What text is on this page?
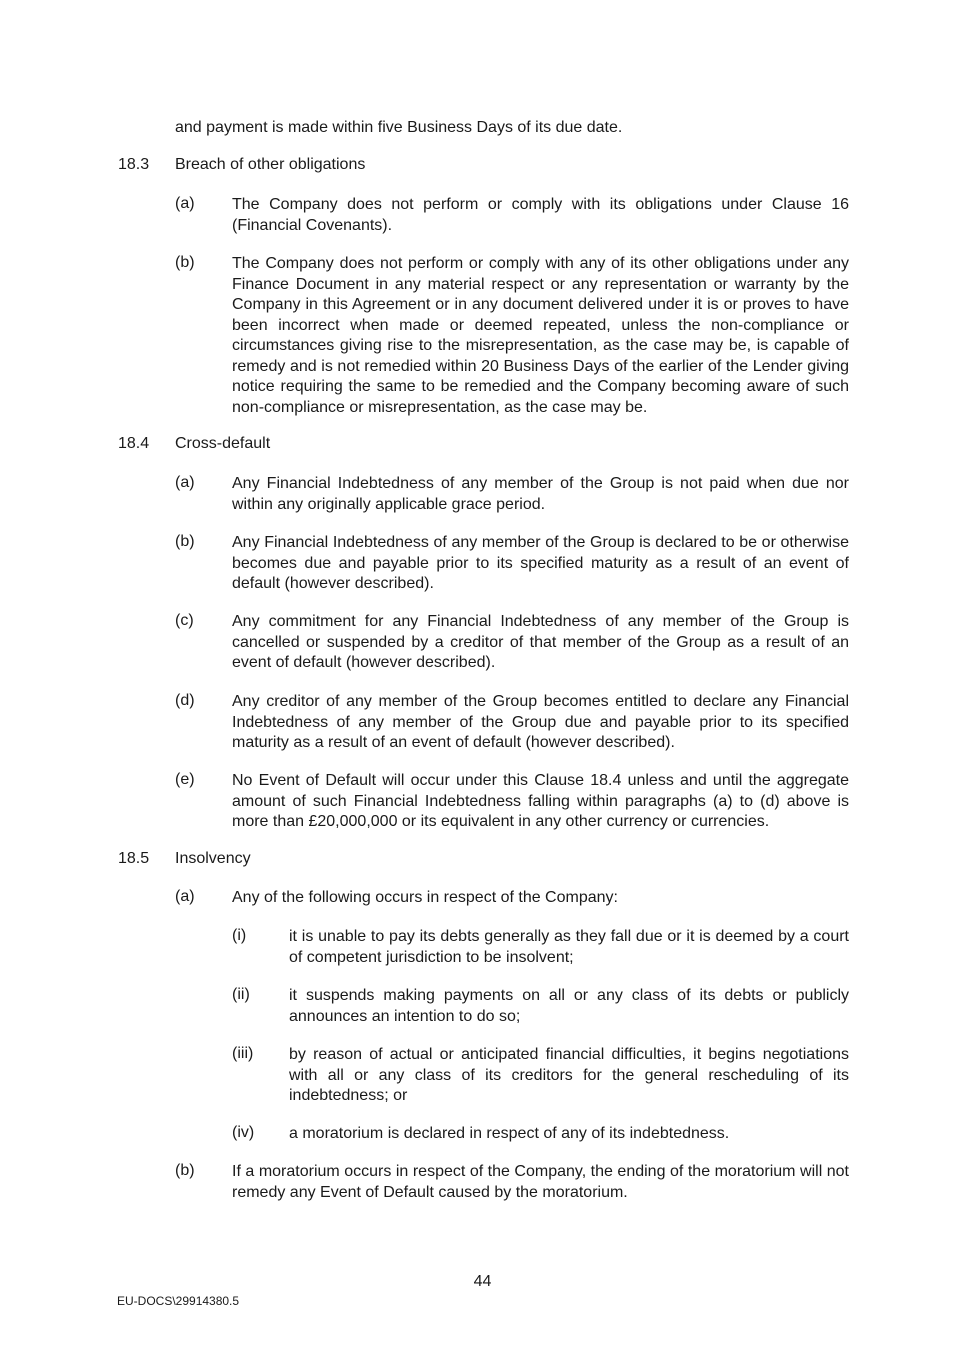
and payment is made within five Business Days of its due date.
18.3 Breach of other obligations
(a) The Company does not perform or comply with its obligations under Clause 16 (Financial Covenants).
(b) The Company does not perform or comply with any of its other obligations under any Finance Document in any material respect or any representation or warranty by the Company in this Agreement or in any document delivered under it is or proves to have been incorrect when made or deemed repeated, unless the non-compliance or circumstances giving rise to the misrepresentation, as the case may be, is capable of remedy and is not remedied within 20 Business Days of the earlier of the Lender giving notice requiring the same to be remedied and the Company becoming aware of such non-compliance or misrepresentation, as the case may be.
18.4 Cross-default
(a) Any Financial Indebtedness of any member of the Group is not paid when due nor within any originally applicable grace period.
(b) Any Financial Indebtedness of any member of the Group is declared to be or otherwise becomes due and payable prior to its specified maturity as a result of an event of default (however described).
(c) Any commitment for any Financial Indebtedness of any member of the Group is cancelled or suspended by a creditor of that member of the Group as a result of an event of default (however described).
(d) Any creditor of any member of the Group becomes entitled to declare any Financial Indebtedness of any member of the Group due and payable prior to its specified maturity as a result of an event of default (however described).
(e) No Event of Default will occur under this Clause 18.4 unless and until the aggregate amount of such Financial Indebtedness falling within paragraphs (a) to (d) above is more than £20,000,000 or its equivalent in any other currency or currencies.
18.5 Insolvency
(a) Any of the following occurs in respect of the Company:
(i)	it is unable to pay its debts generally as they fall due or it is deemed by a court of competent jurisdiction to be insolvent;
(ii) it suspends making payments on all or any class of its debts or publicly announces an intention to do so;
(iii) by reason of actual or anticipated financial difficulties, it begins negotiations with all or any class of its creditors for the general rescheduling of its indebtedness; or
(iv) a moratorium is declared in respect of any of its indebtedness.
(b) If a moratorium occurs in respect of the Company, the ending of the moratorium will not remedy any Event of Default caused by the moratorium.
44
EU-DOCS\29914380.5
